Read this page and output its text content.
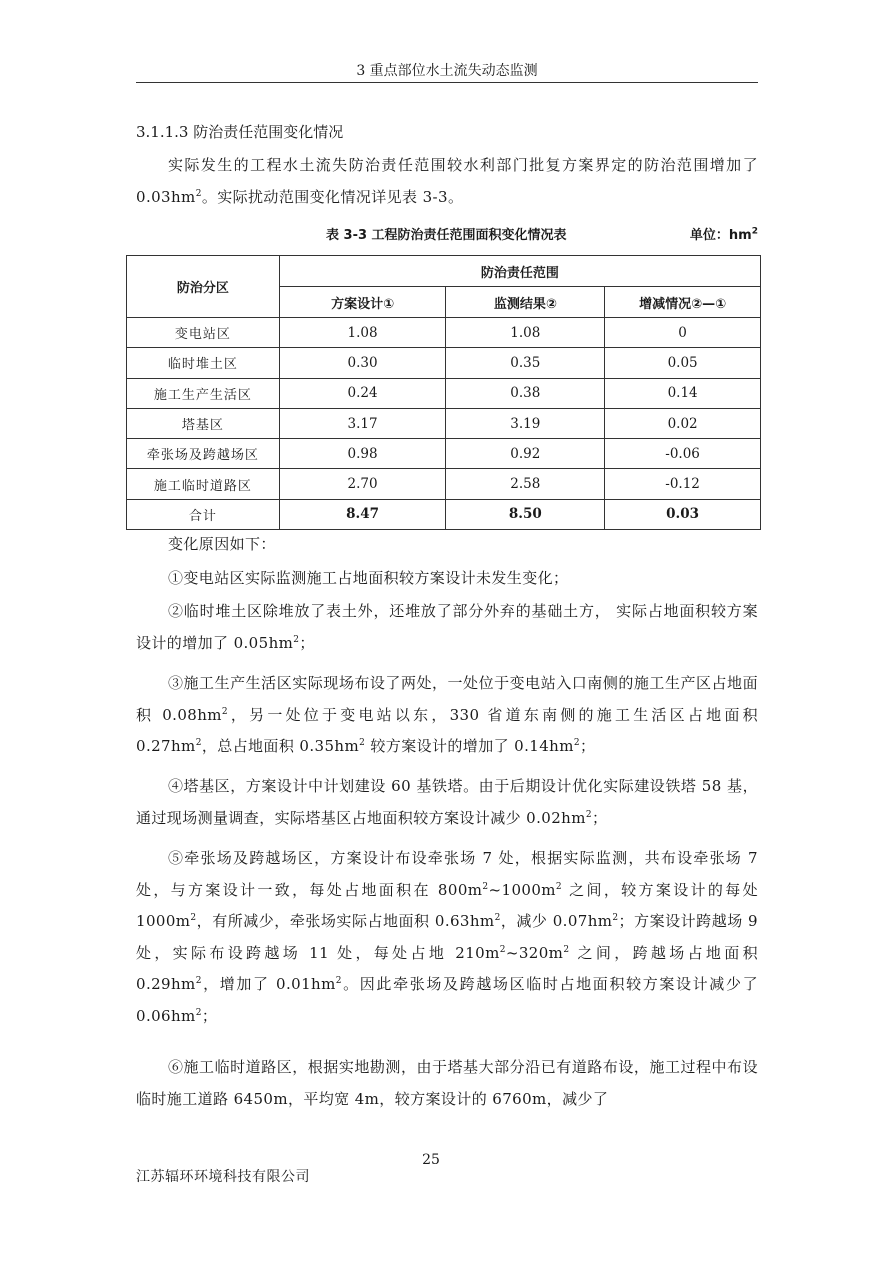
3 重点部位水土流失动态监测
3.1.1.3 防治责任范围变化情况

实际发生的工程水土流失防治责任范围较水利部门批复方案界定的防治范围增加了 $0.03hm^2$。实际扰动范围变化情况详见表 3-3。

表 3-3 工程防治责任范围面积变化情况表	单位：$hm^2$
防治分区	防治责任范围		
	方案设计①	监测结果②	增减情况②—①
变电站区	1.08	1.08	0
临时堆土区	0.30	0.35	0.05
施工生产生活区	0.24	0.38	0.14
塔基区	3.17	3.19	0.02
牵张场及跨越场区	0.98	0.92	-0.06
施工临时道路区	2.70	2.58	-0.12
合计	8.47	8.50	0.03

变化原因如下：

①变电站区实际监测施工占地面积较方案设计未发生变化；

②临时堆土区除堆放了表土外，还堆放了部分外弃的基础土方， 实际占地面积较方案设计的增加了 $0.05hm^2$；

③施工生产生活区实际现场布设了两处，一处位于变电站入口南侧的施工生产区占地面积 $0.08hm^2$，另一处位于变电站以东，330 省道东南侧的施工生活区占地面积 $0.27hm^2$，总占地面积 $0.35hm^2$ 较方案设计的增加了 $0.14hm^2$；

④塔基区，方案设计中计划建设 60 基铁塔。由于后期设计优化实际建设铁塔 58 基，通过现场测量调查，实际塔基区占地面积较方案设计减少 $0.02hm^2$；

⑤牵张场及跨越场区，方案设计布设牵张场 7 处，根据实际监测，共布设牵张场 7 处，与方案设计一致，每处占地面积在 $800m^2\sim 1000m^2$ 之间，较方案设计的每处 $1000m^2$，有所减少，牵张场实际占地面积 $0.63hm^2$，减少 $0.07hm^2$；方案设计跨越场 9 处，实际布设跨越场 11 处，每处占地 $210m^2\sim 320m^2$ 之间，跨越场占地面积 $0.29hm^2$，增加了 $0.01hm^2$。因此牵张场及跨越场区临时占地面积较方案设计减少了 $0.06hm^2$；

⑥施工临时道路区，根据实地勘测，由于塔基大部分沿已有道路布设，施工过程中布设临时施工道路 6450m，平均宽 4m，较方案设计的 6760m，减少了

25
江苏辐环环境科技有限公司
